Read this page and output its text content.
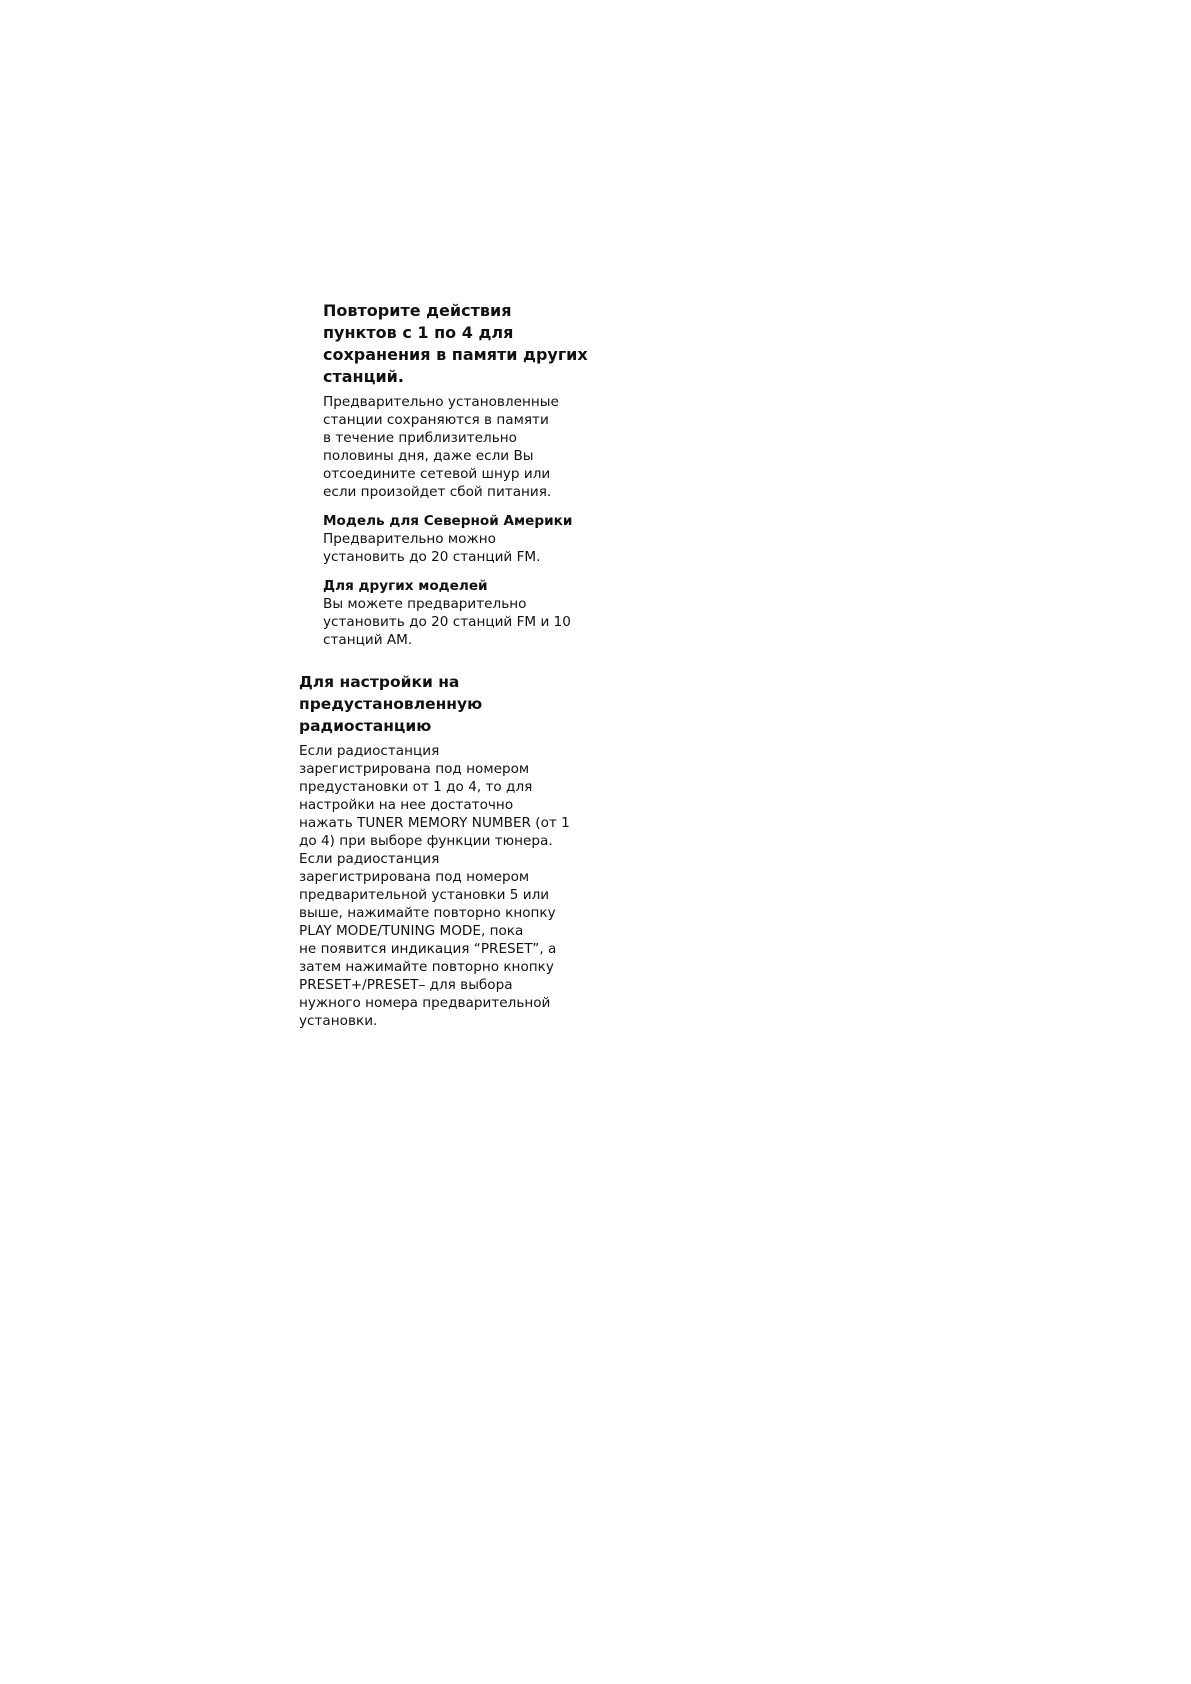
Повторите действия
пунктов с 1 по 4 для
сохранения в памяти других
станций.

Предварительно установленные
станции сохраняются в памяти
в течение приблизительно
половины дня, даже если Вы
отсоедините сетевой шнур или
если произойдет сбой питания.

Модель для Северной Америки

Предварительно можно
установить до 20 станций FM.

Для других моделей

Вы можете предварительно
установить до 20 станций FM и 10
станций AM.

Для настройки на
предустановленную
радиостанцию

Если радиостанция
зарегистрирована под номером
предустановки от 1 до 4, то для
настройки на нее достаточно
нажать TUNER MEMORY NUMBER (от 1
до 4) при выборе функции тюнера.
Если радиостанция
зарегистрирована под номером
предварительной установки 5 или
выше, нажимайте повторно кнопку
PLAY MODE/TUNING MODE, пока
не появится индикация “PRESET”, а
затем нажимайте повторно кнопку
PRESET+/PRESET– для выбора
нужного номера предварительной
установки.
